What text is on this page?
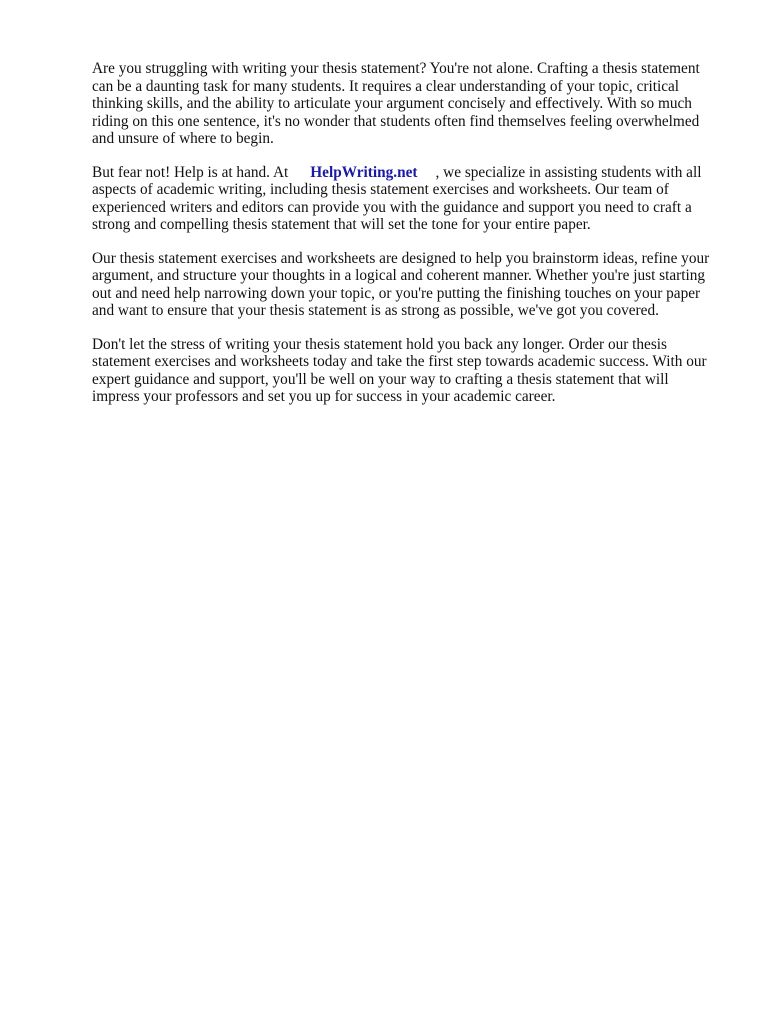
Are you struggling with writing your thesis statement? You're not alone. Crafting a thesis statement
can be a daunting task for many students. It requires a clear understanding of your topic, critical
thinking skills, and the ability to articulate your argument concisely and effectively. With so much
riding on this one sentence, it's no wonder that students often find themselves feeling overwhelmed
and unsure of where to begin.

But fear not! Help is at hand. At HelpWriting.net , we specialize in assisting students with all
aspects of academic writing, including thesis statement exercises and worksheets. Our team of
experienced writers and editors can provide you with the guidance and support you need to craft a
strong and compelling thesis statement that will set the tone for your entire paper.

Our thesis statement exercises and worksheets are designed to help you brainstorm ideas, refine your
argument, and structure your thoughts in a logical and coherent manner. Whether you're just starting
out and need help narrowing down your topic, or you're putting the finishing touches on your paper
and want to ensure that your thesis statement is as strong as possible, we've got you covered.

Don't let the stress of writing your thesis statement hold you back any longer. Order our thesis
statement exercises and worksheets today and take the first step towards academic success. With our
expert guidance and support, you'll be well on your way to crafting a thesis statement that will
impress your professors and set you up for success in your academic career.
